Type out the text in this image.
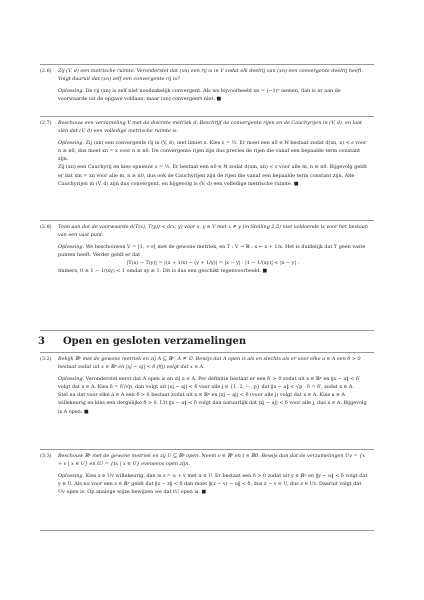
(2.6) Zij (V, d) een metrische ruimte. Veronderstel dat (xn) een rij is in V zodat elk deelrij van (xn) een convergente deelrij heeft. Volgt daaruit dat (xn) zelf een convergente rij is?

Oplossing. De rij (xn) is zelf niet noodzakelijk convergent. Als we bijvoorbeeld xn = (−1)ⁿ nemen, dan is er aan de voorwaarde uit de opgave voldaan, maar (xn) convergeert niet. ■

(2.7) Beschouw een verzameling V met de discrete metriek d. Beschrijf de convergente rijen en de Cauchyrijen in (V, d), en laat zien dat (V, d) een volledige metrische ruimte is.

Oplossing. Zij (xn) een convergente rij in (V, d), met limiet x. Kies ε = ½. Er moet een n0 ∈ ℕ bestaat zodat d(xn, x) < ε voor n ≥ n0, dus moet xn = x voor n ≥ n0. De convergente rijen zijn dus precies de rijen die vanaf een bepaalde term constant zijn.

Zij (xn) een Cauchyrij en kies opnieuw ε = ½. Er bestaat een n0 ∈ ℕ zodat d(xm, xn) < ε voor alle m, n ≥ n0. Bijgevolg geldt er dat xm = xn voor alle m, n ≥ n0, dus ook de Cauchyrijen zijn de rijen die vanaf een bepaalde term constant zijn. Alle Cauchyrijen in (V, d) zijn dus convergent, en bijgevolg is (V, d) een volledige metrische ruimte. ■

(2.8) Toon aan dat de voorwaarde d(T(x), T(y)) < d(x, y) voor x, y ∈ V met x ≠ y (in Stelling 2.5) niet voldoende is voor het bestaan van een vast punt.

Oplossing. We beschouwen V = [1, +∞[ met de gewone metriek, en T : V → ℝ : x ↦ x + 1/x. Het is duidelijk dat T geen vaste punten heeft. Verder geldt er dat

|T(x) − T(y)| = |(x + 1/x) − (y + 1/y)| = |x − y| · |1 − 1/(xy)| < |x − y| .

Immers, 0 ≤ 1 − 1/(xy) < 1 omdat xy ≥ 1. Dit is dus een geschikt tegenvoorbeeld. ■

3 Open en gesloten verzamelingen
(3.2) Bekijk ℝᵖ met de gewone metriek en zij A ⊆ ℝᵖ, A ≠ ∅. Bewijs dat A open is als en slechts als er voor elke a ∈ A een δ > 0 bestaat zodat uit x ∈ ℝᵖ en |xj − aj| < δ (∀j) volgt dat x ∈ A.

Oplossing. Veronderstel eerst dat A open is en zij a ∈ A. Per definitie bestaat er een δ′ > 0 zodat uit x ∈ ℝᵖ en ‖x − a‖ < δ′ volgt dat x ∈ A. Kies δ = δ′/√p, dan volgt uit |xj − aj| < δ voor alle j ∈ {1, 2, ⋯, p} dat ‖x − a‖ < √p · δ = δ′, zodat x ∈ A.

Stel nu dat voor elke a ∈ A een δ > 0 bestaat zodat uit x ∈ ℝᵖ en |xj − aj| < δ (voor alle j) volgt dat x ∈ A. Kies a ∈ A willekeurig en kies een dergelijke δ > 0. Uit ‖x − a‖ < δ volgt dan natuurlijk dat |xj − aj| < δ voor alle j, dus x ∈ A. Bijgevolg is A open. ■

(3.3) Beschouw ℝᵖ met de gewone metriek en zij U ⊆ ℝᵖ open. Neem v ∈ ℝᵖ en t ∈ ℝ0. Bewijs dan dat de verzamelingen Uv = {x + v | x ∈ U} en tU = {tx | x ∈ U} eveneens open zijn.

Oplossing. Kies z ∈ Uv willekeurig, dan is z = u + v met u ∈ U. Er bestaat een δ > 0 zodat uit y ∈ ℝᵖ en ‖y − u‖ < δ volgt dat y ∈ U. Als nu voor een z ∈ ℝᵖ geldt dat ‖z − z‖ < δ dan moet ‖(z − v) − u‖ < δ, dus z − v ∈ U, dus z ∈ Uv. Daaruit volgt dat Uv open is. Op analoge wijze bewijzen we dat tU open is. ■
